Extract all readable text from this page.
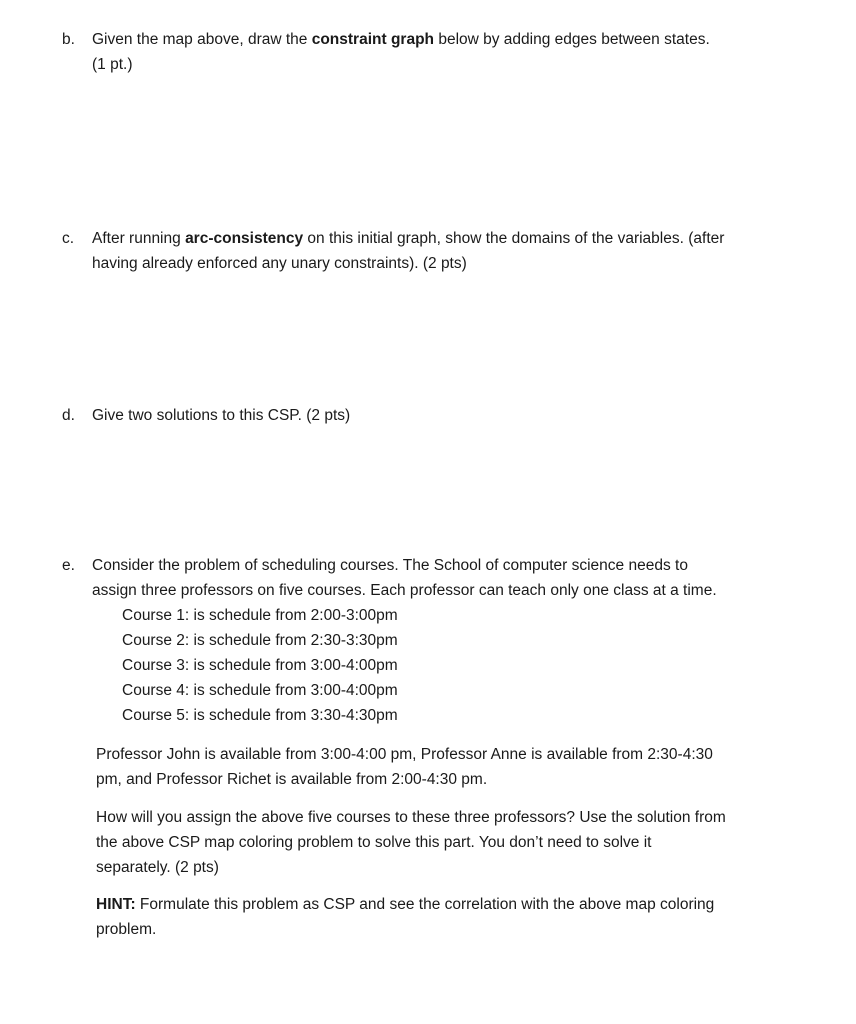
b.	Given the map above, draw the constraint graph below by adding edges between states.

(1 pt.)

c.	After running arc-consistency on this initial graph, show the domains of the variables. (after

having already enforced any unary constraints). (2 pts)

d.	Give two solutions to this CSP. (2 pts)

e.	Consider the problem of scheduling courses. The School of computer science needs to

assign three professors on five courses. Each professor can teach only one class at a time.

Course 1: is schedule from 2:00-3:00pm
Course 2: is schedule from 2:30-3:30pm
Course 3: is schedule from 3:00-4:00pm
Course 4: is schedule from 3:00-4:00pm
Course 5: is schedule from 3:30-4:30pm

Professor John is available from 3:00-4:00 pm, Professor Anne is available from 2:30-4:30

pm, and Professor Richet is available from 2:00-4:30 pm.

How will you assign the above five courses to these three professors? Use the solution from

the above CSP map coloring problem to solve this part. You don’t need to solve it

separately. (2 pts)

HINT: Formulate this problem as CSP and see the correlation with the above map coloring

problem.
